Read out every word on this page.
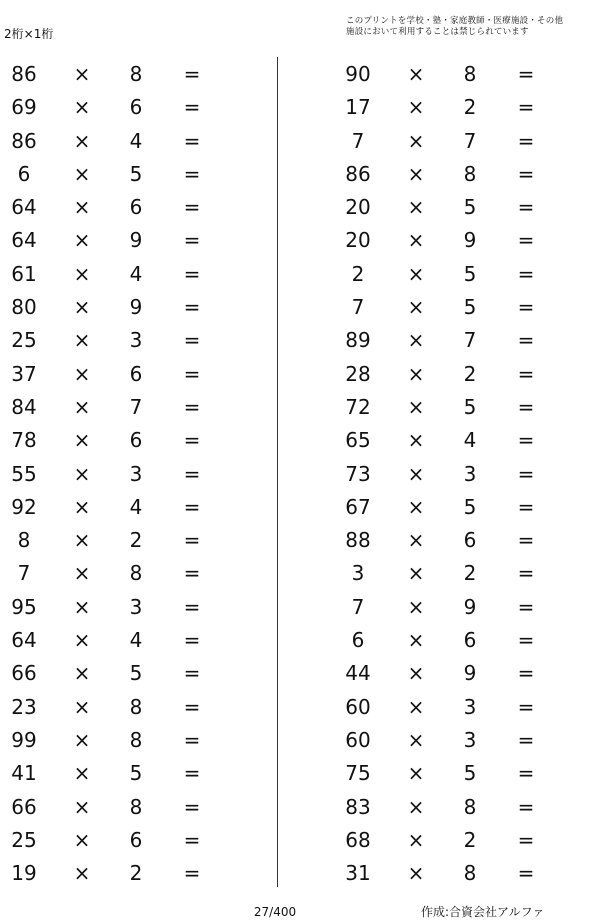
2桁×1桁
このプリントを学校・塾・家庭教師・医療施設・その他
施設において利用することは禁じられています
86	×	8	=
69	×	6	=
86	×	4	=
6	×	5	=
64	×	6	=
64	×	9	=
61	×	4	=
80	×	9	=
25	×	3	=
37	×	6	=
84	×	7	=
78	×	6	=
55	×	3	=
92	×	4	=
8	×	2	=
7	×	8	=
95	×	3	=
64	×	4	=
66	×	5	=
23	×	8	=
99	×	8	=
41	×	5	=
66	×	8	=
25	×	6	=
19	×	2	=
90	×	8	=
17	×	2	=
7	×	7	=
86	×	8	=
20	×	5	=
20	×	9	=
2	×	5	=
7	×	5	=
89	×	7	=
28	×	2	=
72	×	5	=
65	×	4	=
73	×	3	=
67	×	5	=
88	×	6	=
3	×	2	=
7	×	9	=
6	×	6	=
44	×	9	=
60	×	3	=
60	×	3	=
75	×	5	=
83	×	8	=
68	×	2	=
31	×	8	=
27/400	作成:合資会社アルファ
